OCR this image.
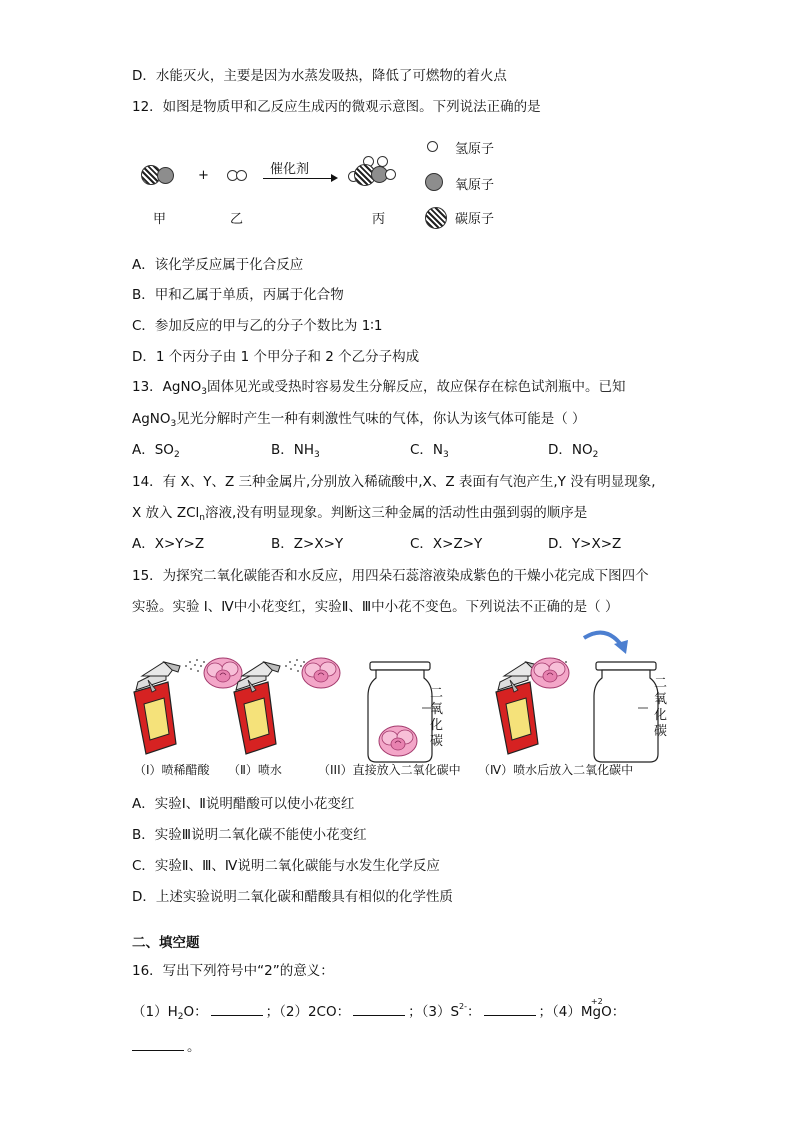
D．水能灭火，主要是因为水蒸发吸热，降低了可燃物的着火点
12．如图是物质甲和乙反应生成丙的微观示意图。下列说法正确的是
+	催化剂
甲	乙	丙
氢原子
氧原子
碳原子
A．该化学反应属于化合反应
B．甲和乙属于单质，丙属于化合物
C．参加反应的甲与乙的分子个数比为 1∶1
D．1 个丙分子由 1 个甲分子和 2 个乙分子构成
13．AgNO$_3$固体见光或受热时容易发生分解反应，故应保存在棕色试剂瓶中。已知
AgNO$_3$见光分解时产生一种有刺激性气味的气体，你认为该气体可能是（ ）
A．$SO_2$	B．$NH_3$	C．$N_3$	D．$NO_2$
14．有 X、Y、Z 三种金属片,分别放入稀硫酸中,X、Z 表面有气泡产生,Y 没有明显现象,
X 放入 ZCl$_n$溶液,没有明显现象。判断这三种金属的活动性由强到弱的顺序是
A．X>Y>Z	B．Z>X>Y	C．X>Z>Y	D．Y>X>Z
15．为探究二氧化碳能否和水反应，用四朵石蕊溶液染成紫色的干燥小花完成下图四个
实验。实验 I、Ⅳ中小花变红，实验Ⅱ、Ⅲ中小花不变色。下列说法不正确的是（ ）
二氧化碳
二氧化碳
（I）喷稀醋酸 （Ⅱ）喷水	（III）直接放入二氧化碳中 （Ⅳ）喷水后放入二氧化碳中
A．实验Ⅰ、Ⅱ说明醋酸可以使小花变红
B．实验Ⅲ说明二氧化碳不能使小花变红
C．实验Ⅱ、Ⅲ、Ⅳ说明二氧化碳能与水发生化学反应
D．上述实验说明二氧化碳和醋酸具有相似的化学性质
二、填空题
16．写出下列符号中“2”的意义：
$(1)H_2O$：	；（2）2CO：	；$(3)S^{2-}$：	；（4）
+2
MgO：
。
